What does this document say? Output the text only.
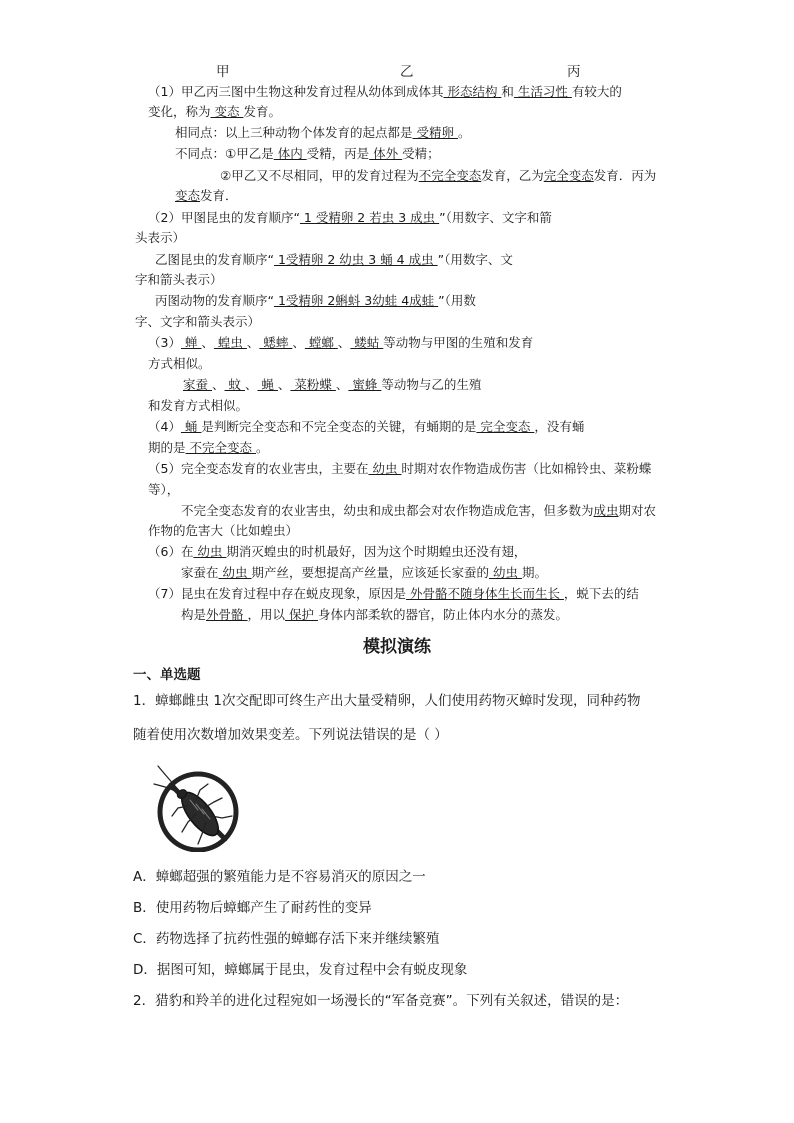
甲	乙	丙
（1）甲乙丙三图中生物这种发育过程从幼体到成体其 形态结构 和 生活习性 有较大的
变化，称为 变态 发育。
相同点：以上三种动物个体发育的起点都是 受精卵 。
不同点：①甲乙是 体内 受精，丙是 体外 受精；
②甲乙又不尽相同，甲的发育过程为不完全变态发育，乙为完全变态发育．丙为
变态发育．
（2）甲图昆虫的发育顺序“ 1 受精卵 2 若虫 3 成虫 ”（用数字、文字和箭
头表示）
乙图昆虫的发育顺序“ 1受精卵 2 幼虫 3 蛹 4 成虫 ”（用数字、文
字和箭头表示）
丙图动物的发育顺序“ 1受精卵 2蝌蚪 3幼蛙 4成蛙 ”（用数
字、文字和箭头表示）
（3） 蝉 、 蝗虫 、 蟋蟀 、 螳螂 、 蝼蛄 等动物与甲图的生殖和发育
方式相似。
家蚕 、 蚊 、 蝇 、 菜粉蝶 、 蜜蜂 等动物与乙的生殖
和发育方式相似。
（4） 蛹 是判断完全变态和不完全变态的关键，有蛹期的是 完全变态 ，没有蛹
期的是 不完全变态 。
（5）完全变态发育的农业害虫，主要在 幼虫 时期对农作物造成伤害（比如棉铃虫、菜粉蝶
等），
不完全变态发育的农业害虫，幼虫和成虫都会对农作物造成危害，但多数为成虫期对农
作物的危害大（比如蝗虫）
（6）在 幼虫 期消灭蝗虫的时机最好，因为这个时期蝗虫还没有翅，
家蚕在 幼虫 期产丝，要想提高产丝量，应该延长家蚕的 幼虫 期。
（7）昆虫在发育过程中存在蜕皮现象，原因是 外骨骼不随身体生长而生长 ，蜕下去的结
构是外骨骼 ，用以 保护 身体内部柔软的器官，防止体内水分的蒸发。
模拟演练
一、单选题
1．蟑螂雌虫 1次交配即可终生产出大量受精卵，人们使用药物灭蟑时发现，同种药物
随着使用次数增加效果变差。下列说法错误的是（ ）
A．蟑螂超强的繁殖能力是不容易消灭的原因之一
B．使用药物后蟑螂产生了耐药性的变异
C．药物选择了抗药性强的蟑螂存活下来并继续繁殖
D．据图可知，蟑螂属于昆虫，发育过程中会有蜕皮现象
2．猎豹和羚羊的进化过程宛如一场漫长的“军备竞赛”。下列有关叙述，错误的是：
